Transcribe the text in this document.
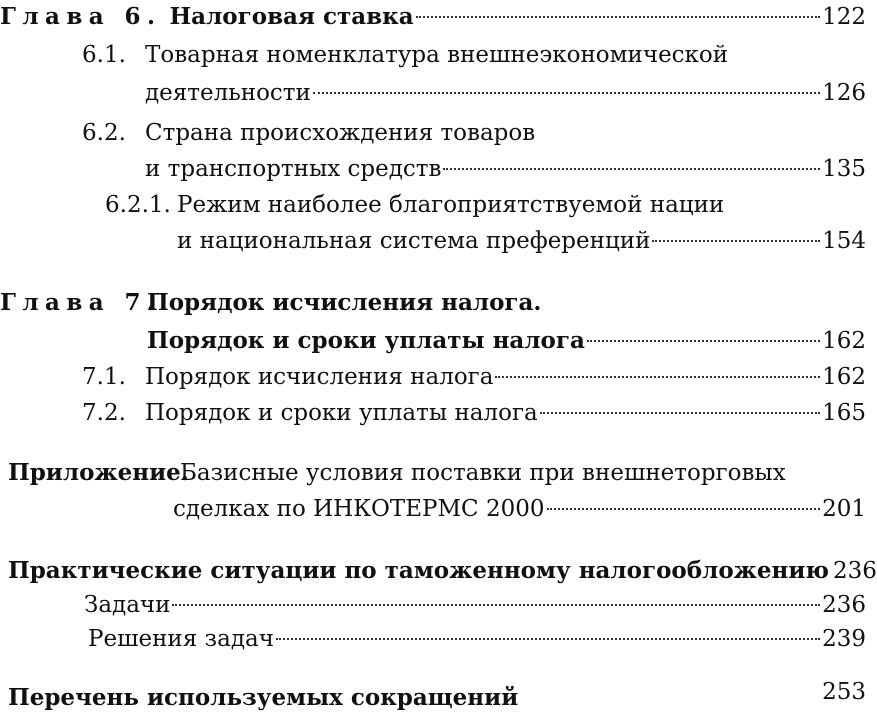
Глава 6. Налоговая ставка	122
6.1. Товарная номенклатура внешнеэкономической
деятельности	126
6.2. Страна происхождения товаров
и транспортных средств	135
6.2.1. Режим наиболее благоприятствуемой нации
и национальная система преференций	154
Глава 7.
Порядок исчисления налога.
Порядок и сроки уплаты налога	162
7.1. Порядок исчисления налога	162
7.2. Порядок и сроки уплаты налога	165
Приложение.
Базисные условия поставки при внешнеторговых
сделках по ИНКОТЕРМС 2000	201
Практические ситуации по таможенному налогообложению 236
Задачи	236
Решения задач	239
Перечень используемых сокращений	253
